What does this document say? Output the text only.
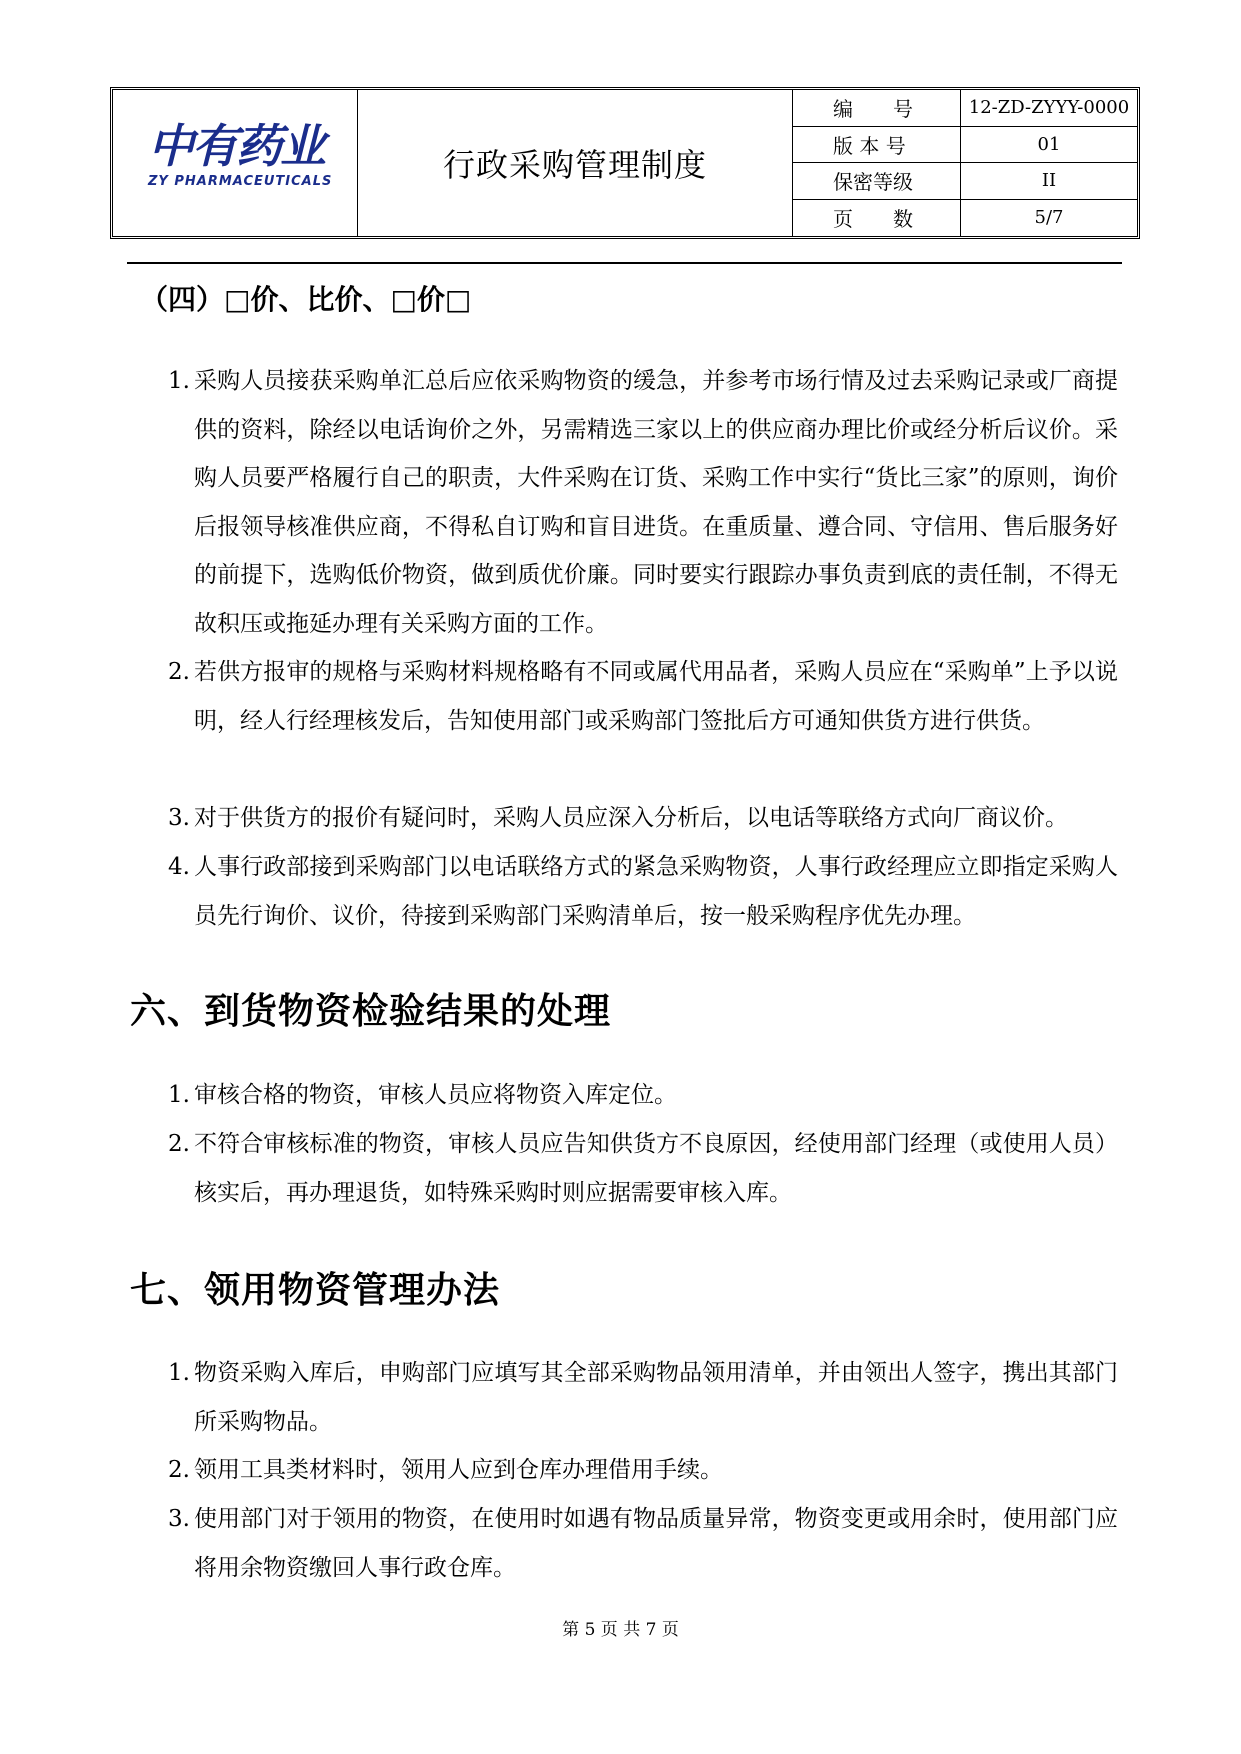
中有药业
ZY PHARMACEUTICALS	行政采购管理制度
编　　号	12-ZD-ZYYY-0000
版 本 号	01
保密等级	II
页　　数	5/7
（四）□价、比价、□价□
1. 采购人员接获采购单汇总后应依采购物资的缓急，并参考市场行情及过去采购记录或厂商提供的资料，除经以电话询价之外，另需精选三家以上的供应商办理比价或经分析后议价。采购人员要严格履行自己的职责，大件采购在订货、采购工作中实行“货比三家”的原则，询价后报领导核准供应商，不得私自订购和盲目进货。在重质量、遵合同、守信用、售后服务好的前提下，选购低价物资，做到质优价廉。同时要实行跟踪办事负责到底的责任制，不得无故积压或拖延办理有关采购方面的工作。
2. 若供方报审的规格与采购材料规格略有不同或属代用品者，采购人员应在“采购单”上予以说明，经人行经理核发后，告知使用部门或采购部门签批后方可通知供货方进行供货。
3. 对于供货方的报价有疑问时，采购人员应深入分析后，以电话等联络方式向厂商议价。
4. 人事行政部接到采购部门以电话联络方式的紧急采购物资，人事行政经理应立即指定采购人员先行询价、议价，待接到采购部门采购清单后，按一般采购程序优先办理。
六、到货物资检验结果的处理
1. 审核合格的物资，审核人员应将物资入库定位。
2. 不符合审核标准的物资，审核人员应告知供货方不良原因，经使用部门经理（或使用人员）核实后，再办理退货，如特殊采购时则应据需要审核入库。
七、领用物资管理办法
1. 物资采购入库后，申购部门应填写其全部采购物品领用清单，并由领出人签字，携出其部门所采购物品。
2. 领用工具类材料时，领用人应到仓库办理借用手续。
3. 使用部门对于领用的物资，在使用时如遇有物品质量异常，物资变更或用余时，使用部门应将用余物资缴回人事行政仓库。
第 5 页 共 7 页
